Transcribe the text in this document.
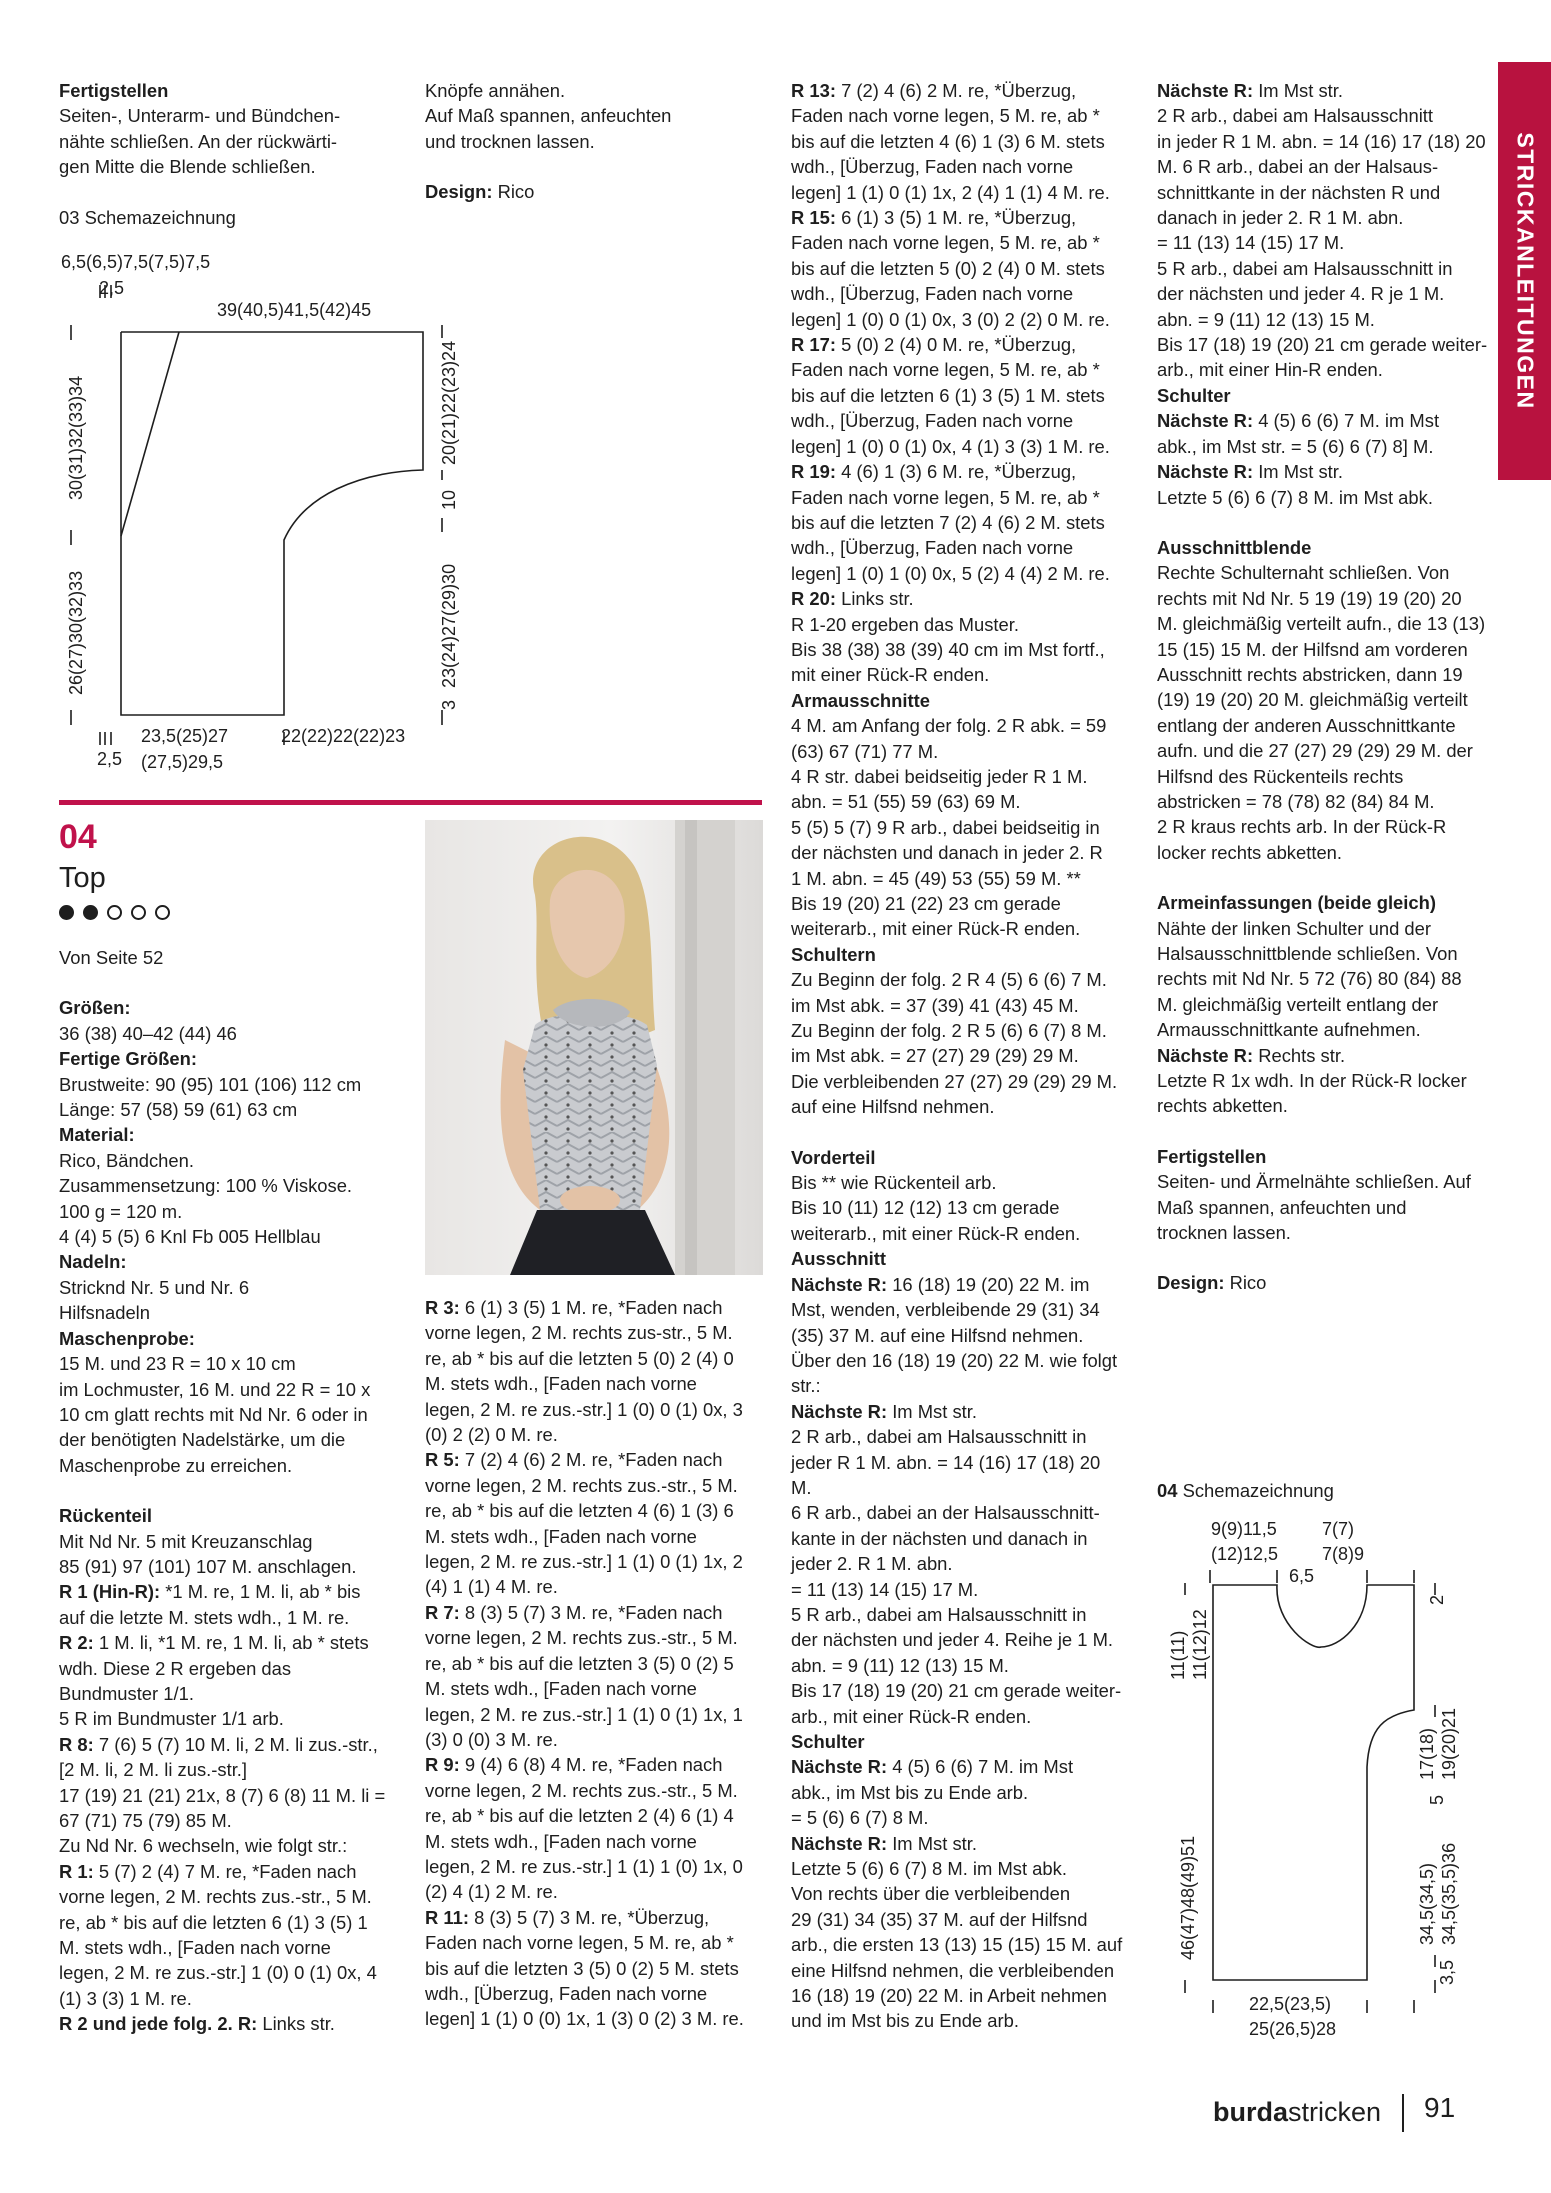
STRICKANLEITUNGEN
Fertigstellen
Seiten-, Unterarm- und Bündchen-
nähte schließen. An der rückwärti-
gen Mitte die Blende schließen.
03 Schemazeichnung
6,5(6,5)7,5(7,5)7,5
2,5
39(40,5)41,5(42)45
30(31)32(33)34
26(27)30(32)33
2,5
23,5(25)27
(27,5)29,5
22(22)22(22)23
20(21)22(23)24
10
23(24)27(29)30
3
04
Top

Von Seite 52

Größen:
36 (38) 40–42 (44) 46
Fertige Größen:
Brustweite: 90 (95) 101 (106) 112 cm
Länge: 57 (58) 59 (61) 63 cm
Material:
Rico, Bändchen.
Zusammensetzung: 100 % Viskose.
100 g = 120 m.
4 (4) 5 (5) 6 Knl Fb 005 Hellblau
Nadeln:
Stricknd Nr. 5 und Nr. 6
Hilfsnadeln
Maschenprobe:
15 M. und 23 R = 10 x 10 cm
im Lochmuster, 16 M. und 22 R = 10 x
10 cm glatt rechts mit Nd Nr. 6 oder in
der benötigten Nadelstärke, um die
Maschenprobe zu erreichen.
Rückenteil
Mit Nd Nr. 5 mit Kreuzanschlag
85 (91) 97 (101) 107 M. anschlagen.
R 1 (Hin-R): *1 M. re, 1 M. li, ab * bis
auf die letzte M. stets wdh., 1 M. re.
R 2: 1 M. li, *1 M. re, 1 M. li, ab * stets
wdh. Diese 2 R ergeben das
Bundmuster 1/1.
5 R im Bundmuster 1/1 arb.
R 8: 7 (6) 5 (7) 10 M. li, 2 M. li zus.-str.,
[2 M. li, 2 M. li zus.-str.]
17 (19) 21 (21) 21x, 8 (7) 6 (8) 11 M. li =
67 (71) 75 (79) 85 M.
Zu Nd Nr. 6 wechseln, wie folgt str.:
R 1: 5 (7) 2 (4) 7 M. re, *Faden nach
vorne legen, 2 M. rechts zus.-str., 5 M.
re, ab * bis auf die letzten 6 (1) 3 (5) 1
M. stets wdh., [Faden nach vorne
legen, 2 M. re zus.-str.] 1 (0) 0 (1) 0x, 4
(1) 3 (3) 1 M. re.
R 2 und jede folg. 2. R: Links str.
Knöpfe annähen.
Auf Maß spannen, anfeuchten
und trocknen lassen.
Design: Rico
R 3: 6 (1) 3 (5) 1 M. re, *Faden nach
vorne legen, 2 M. rechts zus-str., 5 M.
re, ab * bis auf die letzten 5 (0) 2 (4) 0
M. stets wdh., [Faden nach vorne
legen, 2 M. re zus.-str.] 1 (0) 0 (1) 0x, 3
(0) 2 (2) 0 M. re.
R 5: 7 (2) 4 (6) 2 M. re, *Faden nach
vorne legen, 2 M. rechts zus.-str., 5 M.
re, ab * bis auf die letzten 4 (6) 1 (3) 6
M. stets wdh., [Faden nach vorne
legen, 2 M. re zus.-str.] 1 (1) 0 (1) 1x, 2
(4) 1 (1) 4 M. re.
R 7: 8 (3) 5 (7) 3 M. re, *Faden nach
vorne legen, 2 M. rechts zus.-str., 5 M.
re, ab * bis auf die letzten 3 (5) 0 (2) 5
M. stets wdh., [Faden nach vorne
legen, 2 M. re zus.-str.] 1 (1) 0 (1) 1x, 1
(3) 0 (0) 3 M. re.
R 9: 9 (4) 6 (8) 4 M. re, *Faden nach
vorne legen, 2 M. rechts zus.-str., 5 M.
re, ab * bis auf die letzten 2 (4) 6 (1) 4
M. stets wdh., [Faden nach vorne
legen, 2 M. re zus.-str.] 1 (1) 1 (0) 1x, 0
(2) 4 (1) 2 M. re.
R 11: 8 (3) 5 (7) 3 M. re, *Überzug,
Faden nach vorne legen, 5 M. re, ab *
bis auf die letzten 3 (5) 0 (2) 5 M. stets
wdh., [Überzug, Faden nach vorne
legen] 1 (1) 0 (0) 1x, 1 (3) 0 (2) 3 M. re.
R 13: 7 (2) 4 (6) 2 M. re, *Überzug,
Faden nach vorne legen, 5 M. re, ab *
bis auf die letzten 4 (6) 1 (3) 6 M. stets
wdh., [Überzug, Faden nach vorne
legen] 1 (1) 0 (1) 1x, 2 (4) 1 (1) 4 M. re.
R 15: 6 (1) 3 (5) 1 M. re, *Überzug,
Faden nach vorne legen, 5 M. re, ab *
bis auf die letzten 5 (0) 2 (4) 0 M. stets
wdh., [Überzug, Faden nach vorne
legen] 1 (0) 0 (1) 0x, 3 (0) 2 (2) 0 M. re.
R 17: 5 (0) 2 (4) 0 M. re, *Überzug,
Faden nach vorne legen, 5 M. re, ab *
bis auf die letzten 6 (1) 3 (5) 1 M. stets
wdh., [Überzug, Faden nach vorne
legen] 1 (0) 0 (1) 0x, 4 (1) 3 (3) 1 M. re.
R 19: 4 (6) 1 (3) 6 M. re, *Überzug,
Faden nach vorne legen, 5 M. re, ab *
bis auf die letzten 7 (2) 4 (6) 2 M. stets
wdh., [Überzug, Faden nach vorne
legen] 1 (0) 1 (0) 0x, 5 (2) 4 (4) 2 M. re.
R 20: Links str.
R 1-20 ergeben das Muster.
Bis 38 (38) 38 (39) 40 cm im Mst fortf.,
mit einer Rück-R enden.
Armausschnitte
4 M. am Anfang der folg. 2 R abk. = 59
(63) 67 (71) 77 M.
4 R str. dabei beidseitig jeder R 1 M.
abn. = 51 (55) 59 (63) 69 M.
5 (5) 5 (7) 9 R arb., dabei beidseitig in
der nächsten und danach in jeder 2. R
1 M. abn. = 45 (49) 53 (55) 59 M. **
Bis 19 (20) 21 (22) 23 cm gerade
weiterarb., mit einer Rück-R enden.
Schultern
Zu Beginn der folg. 2 R 4 (5) 6 (6) 7 M.
im Mst abk. = 37 (39) 41 (43) 45 M.
Zu Beginn der folg. 2 R 5 (6) 6 (7) 8 M.
im Mst abk. = 27 (27) 29 (29) 29 M.
Die verbleibenden 27 (27) 29 (29) 29 M.
auf eine Hilfsnd nehmen.
Vorderteil
Bis ** wie Rückenteil arb.
Bis 10 (11) 12 (12) 13 cm gerade
weiterarb., mit einer Rück-R enden.
Ausschnitt
Nächste R: 16 (18) 19 (20) 22 M. im
Mst, wenden, verbleibende 29 (31) 34
(35) 37 M. auf eine Hilfsnd nehmen.
Über den 16 (18) 19 (20) 22 M. wie folgt
str.:
Nächste R: Im Mst str.
2 R arb., dabei am Halsausschnitt in
jeder R 1 M. abn. = 14 (16) 17 (18) 20
M.
6 R arb., dabei an der Halsausschnitt-
kante in der nächsten und danach in
jeder 2. R 1 M. abn.
= 11 (13) 14 (15) 17 M.
5 R arb., dabei am Halsausschnitt in
der nächsten und jeder 4. Reihe je 1 M.
abn. = 9 (11) 12 (13) 15 M.
Bis 17 (18) 19 (20) 21 cm gerade weiter-
arb., mit einer Rück-R enden.
Schulter
Nächste R: 4 (5) 6 (6) 7 M. im Mst
abk., im Mst bis zu Ende arb.
= 5 (6) 6 (7) 8 M.
Nächste R: Im Mst str.
Letzte 5 (6) 6 (7) 8 M. im Mst abk.
Von rechts über die verbleibenden
29 (31) 34 (35) 37 M. auf der Hilfsnd
arb., die ersten 13 (13) 15 (15) 15 M. auf
eine Hilfsnd nehmen, die verbleibenden
16 (18) 19 (20) 22 M. in Arbeit nehmen
und im Mst bis zu Ende arb.
Nächste R: Im Mst str.
2 R arb., dabei am Halsausschnitt
in jeder R 1 M. abn. = 14 (16) 17 (18) 20
M. 6 R arb., dabei an der Halsaus-
schnittkante in der nächsten R und
danach in jeder 2. R 1 M. abn.
= 11 (13) 14 (15) 17 M.
5 R arb., dabei am Halsausschnitt in
der nächsten und jeder 4. R je 1 M.
abn. = 9 (11) 12 (13) 15 M.
Bis 17 (18) 19 (20) 21 cm gerade weiter-
arb., mit einer Hin-R enden.
Schulter
Nächste R: 4 (5) 6 (6) 7 M. im Mst
abk., im Mst str. = 5 (6) 6 (7) 8] M.
Nächste R: Im Mst str.
Letzte 5 (6) 6 (7) 8 M. im Mst abk.
Ausschnittblende
Rechte Schulternaht schließen. Von
rechts mit Nd Nr. 5 19 (19) 19 (20) 20
M. gleichmäßig verteilt aufn., die 13 (13)
15 (15) 15 M. der Hilfsnd am vorderen
Ausschnitt rechts abstricken, dann 19
(19) 19 (20) 20 M. gleichmäßig verteilt
entlang der anderen Ausschnittkante
aufn. und die 27 (27) 29 (29) 29 M. der
Hilfsnd des Rückenteils rechts
abstricken = 78 (78) 82 (84) 84 M.
2 R kraus rechts arb. In der Rück-R
locker rechts abketten.
Armeinfassungen (beide gleich)
Nähte der linken Schulter und der
Halsausschnittblende schließen. Von
rechts mit Nd Nr. 5 72 (76) 80 (84) 88
M. gleichmäßig verteilt entlang der
Armausschnittkante aufnehmen.
Nächste R: Rechts str.
Letzte R 1x wdh. In der Rück-R locker
rechts abketten.
Fertigstellen
Seiten- und Ärmelnähte schließen. Auf
Maß spannen, anfeuchten und
trocknen lassen.
Design: Rico
04 Schemazeichnung
9(9)11,5
(12)12,5
7(7)
7(8)9
6,5
11(11) 11(12)12
46(47)48(49)51
2
17(18) 19(20)21
5
34,5(34,5) 34,5(35,5)36
3,5
22,5(23,5)
25(26,5)28
burdastricken 91
